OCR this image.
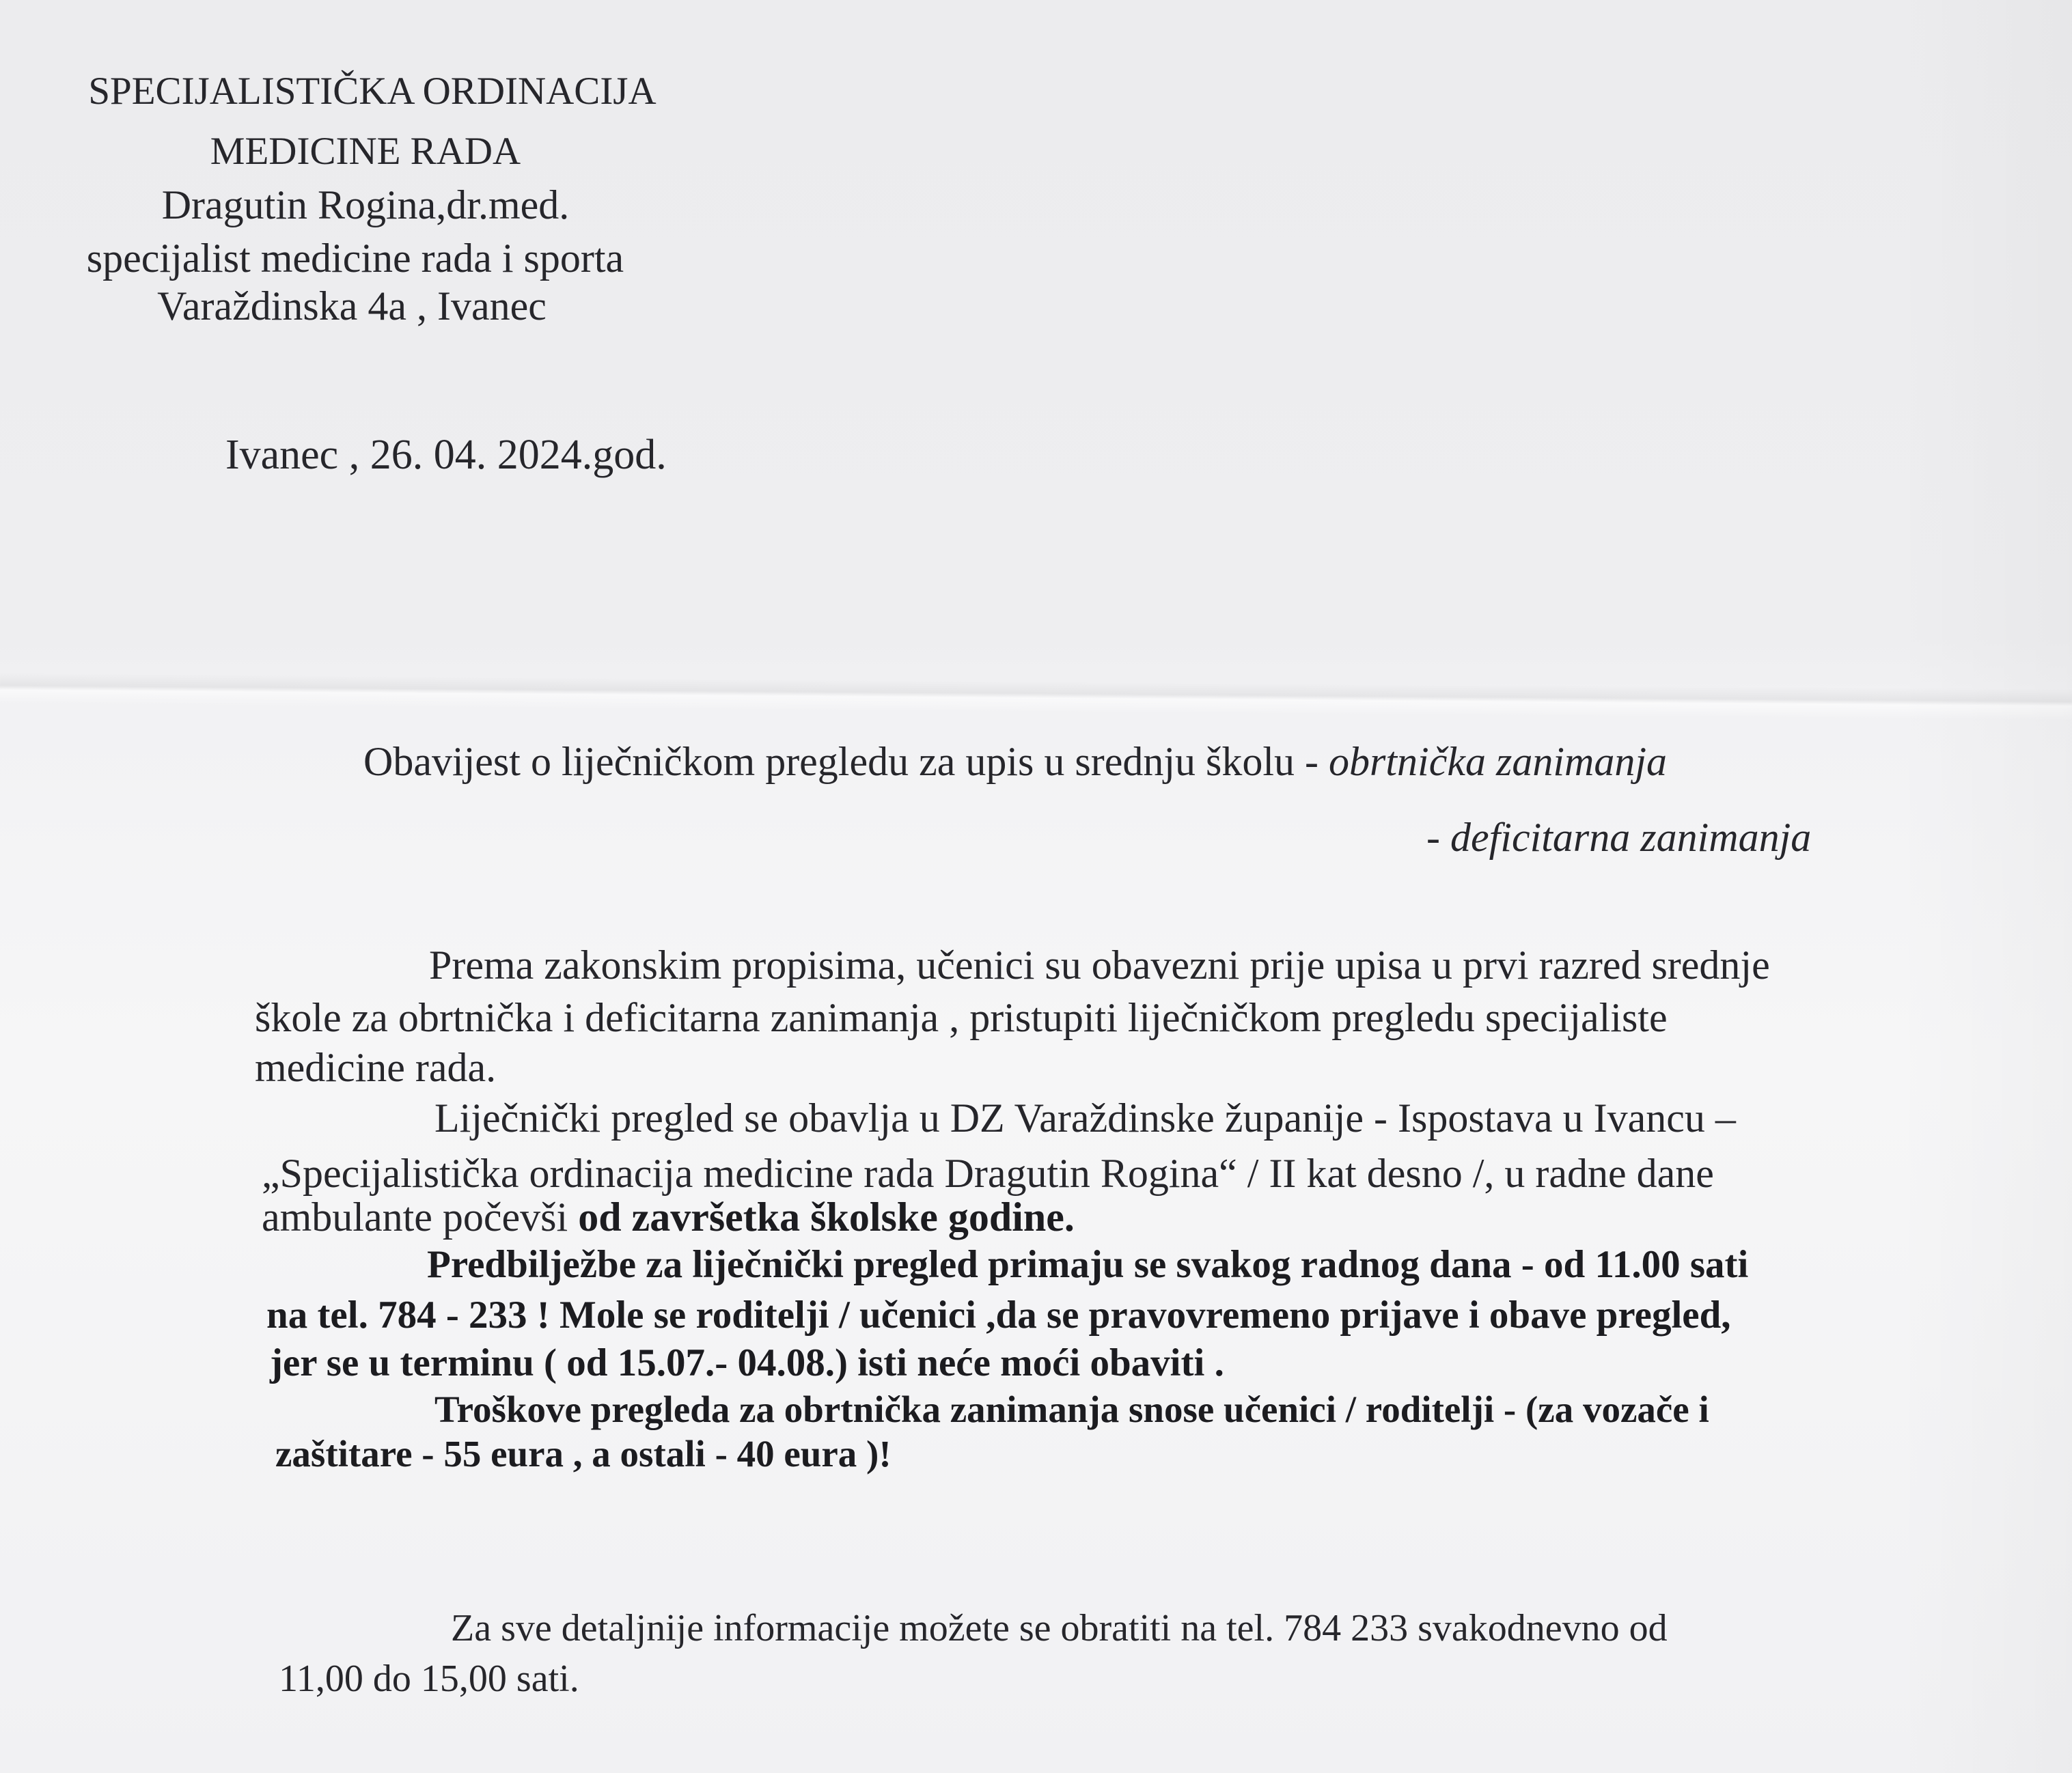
SPECIJALISTIČKA ORDINACIJA
MEDICINE RADA
Dragutin Rogina,dr.med.
specijalist medicine rada i sporta
Varaždinska 4a , Ivanec
Ivanec , 26. 04. 2024.god.
Obavijest o liječničkom pregledu za upis u srednju školu - obrtnička zanimanja
- deficitarna zanimanja
Prema zakonskim propisima, učenici su obavezni prije upisa u prvi razred srednje
škole za obrtnička i deficitarna zanimanja , pristupiti liječničkom pregledu specijaliste
medicine rada.
Liječnički pregled se obavlja u DZ Varaždinske županije - Ispostava u Ivancu –
„Specijalistička ordinacija medicine rada Dragutin Rogina“ / II kat desno /, u radne dane
ambulante počevši od završetka školske godine.
Predbilježbe za liječnički pregled primaju se svakog radnog dana - od 11.00 sati
na tel. 784 - 233 ! Mole se roditelji / učenici ,da se pravovremeno prijave i obave pregled,
jer se u terminu ( od 15.07.- 04.08.) isti neće moći obaviti .
Troškove pregleda za obrtnička zanimanja snose učenici / roditelji - (za vozače i
zaštitare - 55 eura , a ostali - 40 eura )!
Za sve detaljnije informacije možete se obratiti na tel. 784 233 svakodnevno od
11,00 do 15,00 sati.
